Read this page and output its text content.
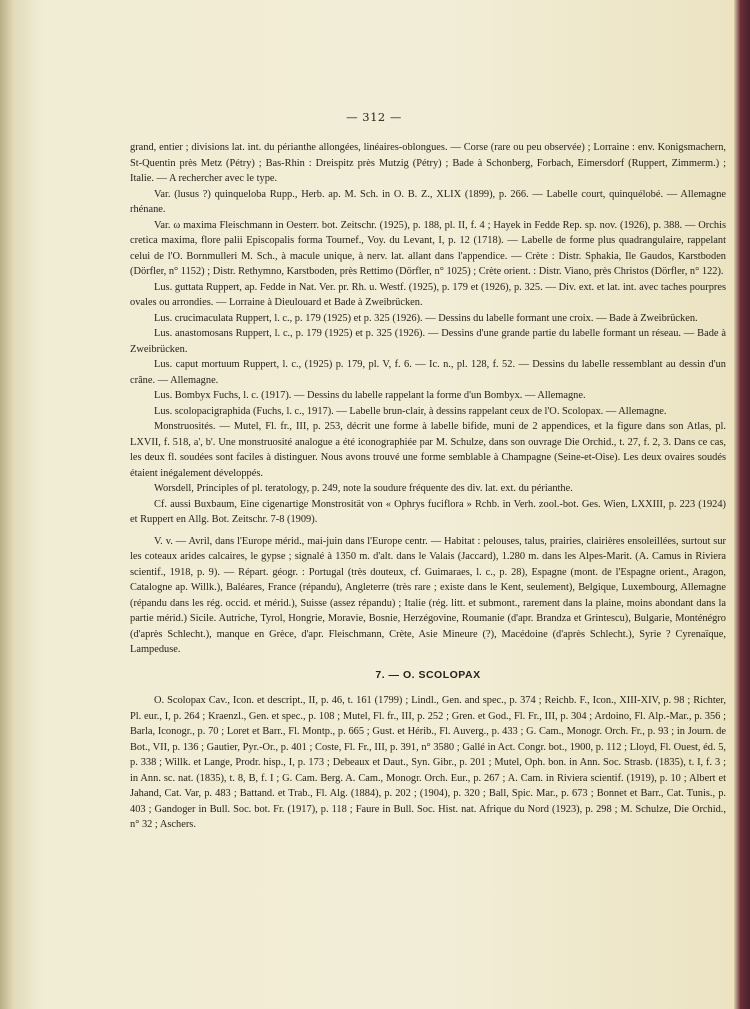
— 312 —

grand, entier ; divisions lat. int. du périanthe allongées, linéaires-oblongues. — Corse (rare ou peu observée) ; Lorraine : env. Konigsmachern, St-Quentin près Metz (Pétry) ; Bas-Rhin : Dreispitz près Mutzig (Pétry) ; Bade à Schonberg, Forbach, Eimersdorf (Ruppert, Zimmerm.) ; Italie. — A rechercher avec le type.

Var. (lusus ?) quinqueloba Rupp., Herb. ap. M. Sch. in O. B. Z., XLIX (1899), p. 266. — Labelle court, quinquélobé. — Allemagne rhénane.

Var. ω maxima Fleischmann in Oesterr. bot. Zeitschr. (1925), p. 188, pl. II, f. 4 ; Hayek in Fedde Rep. sp. nov. (1926), p. 388. — Orchis cretica maxima, flore palii Episcopalis forma Tournef., Voy. du Levant, I, p. 12 (1718). — Labelle de forme plus quadrangulaire, rappelant celui de l'O. Bornmulleri M. Sch., à macule unique, à nerv. lat. allant dans l'appendice. — Crète : Distr. Sphakia, Ile Gaudos, Karstboden (Dörfler, n° 1152) ; Distr. Rethymno, Karstboden, près Rettimo (Dörfler, n° 1025) ; Crète orient. : Distr. Viano, près Christos (Dörfler, n° 122).

Lus. guttata Ruppert, ap. Fedde in Nat. Ver. pr. Rh. u. Westf. (1925), p. 179 et (1926), p. 325. — Div. ext. et lat. int. avec taches pourpres ovales ou arrondies. — Lorraine à Dieulouard et Bade à Zweibrücken.

Lus. crucimaculata Ruppert, l. c., p. 179 (1925) et p. 325 (1926). — Dessins du labelle formant une croix. — Bade à Zweibrücken.

Lus. anastomosans Ruppert, l. c., p. 179 (1925) et p. 325 (1926). — Dessins d'une grande partie du labelle formant un réseau. — Bade à Zweibrücken.

Lus. caput mortuum Ruppert, l. c., (1925) p. 179, pl. V, f. 6. — Ic. n., pl. 128, f. 52. — Dessins du labelle ressemblant au dessin d'un crâne. — Allemagne.

Lus. Bombyx Fuchs, l. c. (1917). — Dessins du labelle rappelant la forme d'un Bombyx. — Allemagne.

Lus. scolopacigraphida (Fuchs, l. c., 1917). — Labelle brun-clair, à dessins rappelant ceux de l'O. Scolopax. — Allemagne.

Monstruosités. — Mutel, Fl. fr., III, p. 253, décrit une forme à labelle bifide, muni de 2 appendices, et la figure dans son Atlas, pl. LXVII, f. 518, a', b'. Une monstruosité analogue a été iconographiée par M. Schulze, dans son ouvrage Die Orchid., t. 27, f. 2, 3. Dans ce cas, les deux fl. soudées sont faciles à distinguer. Nous avons trouvé une forme semblable à Champagne (Seine-et-Oise). Les deux ovaires soudés étaient inégalement développés.

Worsdell, Principles of pl. teratology, p. 249, note la soudure fréquente des div. lat. ext. du périanthe.

Cf. aussi Buxbaum, Eine cigenartige Monstrosität von « Ophrys fuciflora » Rchb. in Verh. zool.-bot. Ges. Wien, LXXIII, p. 223 (1924) et Ruppert en Allg. Bot. Zeitschr. 7-8 (1909).

V. v. — Avril, dans l'Europe mérid., mai-juin dans l'Europe centr. — Habitat : pelouses, talus, prairies, clairières ensoleillées, surtout sur les coteaux arides calcaires, le gypse ; signalé à 1350 m. d'alt. dans le Valais (Jaccard), 1.280 m. dans les Alpes-Marit. (A. Camus in Riviera scientif., 1918, p. 9). — Répart. géogr. : Portugal (très douteux, cf. Guimaraes, l. c., p. 28), Espagne (mont. de l'Espagne orient., Aragon, Catalogne ap. Willk.), Baléares, France (répandu), Angleterre (très rare ; existe dans le Kent, seulement), Belgique, Luxembourg, Allemagne (répandu dans les rég. occid. et mérid.), Suisse (assez répandu) ; Italie (rég. litt. et submont., rarement dans la plaine, moins abondant dans la partie mérid.) Sicile. Autriche, Tyrol, Hongrie, Moravie, Bosnie, Herzégovine, Roumanie (d'apr. Brandza et Grintescu), Bulgarie, Monténégro (d'après Schlecht.), manque en Grèce, d'apr. Fleischmann, Crète, Asie Mineure (?), Macédoine (d'après Schlecht.), Syrie ? Cyrenaïque, Lampeduse.

7. — O. SCOLOPAX

O. Scolopax Cav., Icon. et descript., II, p. 46, t. 161 (1799) ; Lindl., Gen. and spec., p. 374 ; Reichb. F., Icon., XIII-XIV, p. 98 ; Richter, Pl. eur., I, p. 264 ; Kraenzl., Gen. et spec., p. 108 ; Mutel, Fl. fr., III, p. 252 ; Gren. et God., Fl. Fr., III, p. 304 ; Ardoino, Fl. Alp.-Mar., p. 356 ; Barla, Iconogr., p. 70 ; Loret et Barr., Fl. Montp., p. 665 ; Gust. et Hérib., Fl. Auverg., p. 433 ; G. Cam., Monogr. Orch. Fr., p. 93 ; in Journ. de Bot., VII, p. 136 ; Gautier, Pyr.-Or., p. 401 ; Coste, Fl. Fr., III, p. 391, n° 3580 ; Gallé in Act. Congr. bot., 1900, p. 112 ; Lloyd, Fl. Ouest, éd. 5, p. 338 ; Willk. et Lange, Prodr. hisp., I, p. 173 ; Debeaux et Daut., Syn. Gibr., p. 201 ; Mutel, Oph. bon. in Ann. Soc. Strasb. (1835), t. I, f. 3 ; in Ann. sc. nat. (1835), t. 8, B, f. I ; G. Cam. Berg. A. Cam., Monogr. Orch. Eur., p. 267 ; A. Cam. in Riviera scientif. (1919), p. 10 ; Albert et Jahand, Cat. Var, p. 483 ; Battand. et Trab., Fl. Alg. (1884), p. 202 ; (1904), p. 320 ; Ball, Spic. Mar., p. 673 ; Bonnet et Barr., Cat. Tunis., p. 403 ; Gandoger in Bull. Soc. bot. Fr. (1917), p. 118 ; Faure in Bull. Soc. Hist. nat. Afrique du Nord (1923), p. 298 ; M. Schulze, Die Orchid., n° 32 ; Aschers.
